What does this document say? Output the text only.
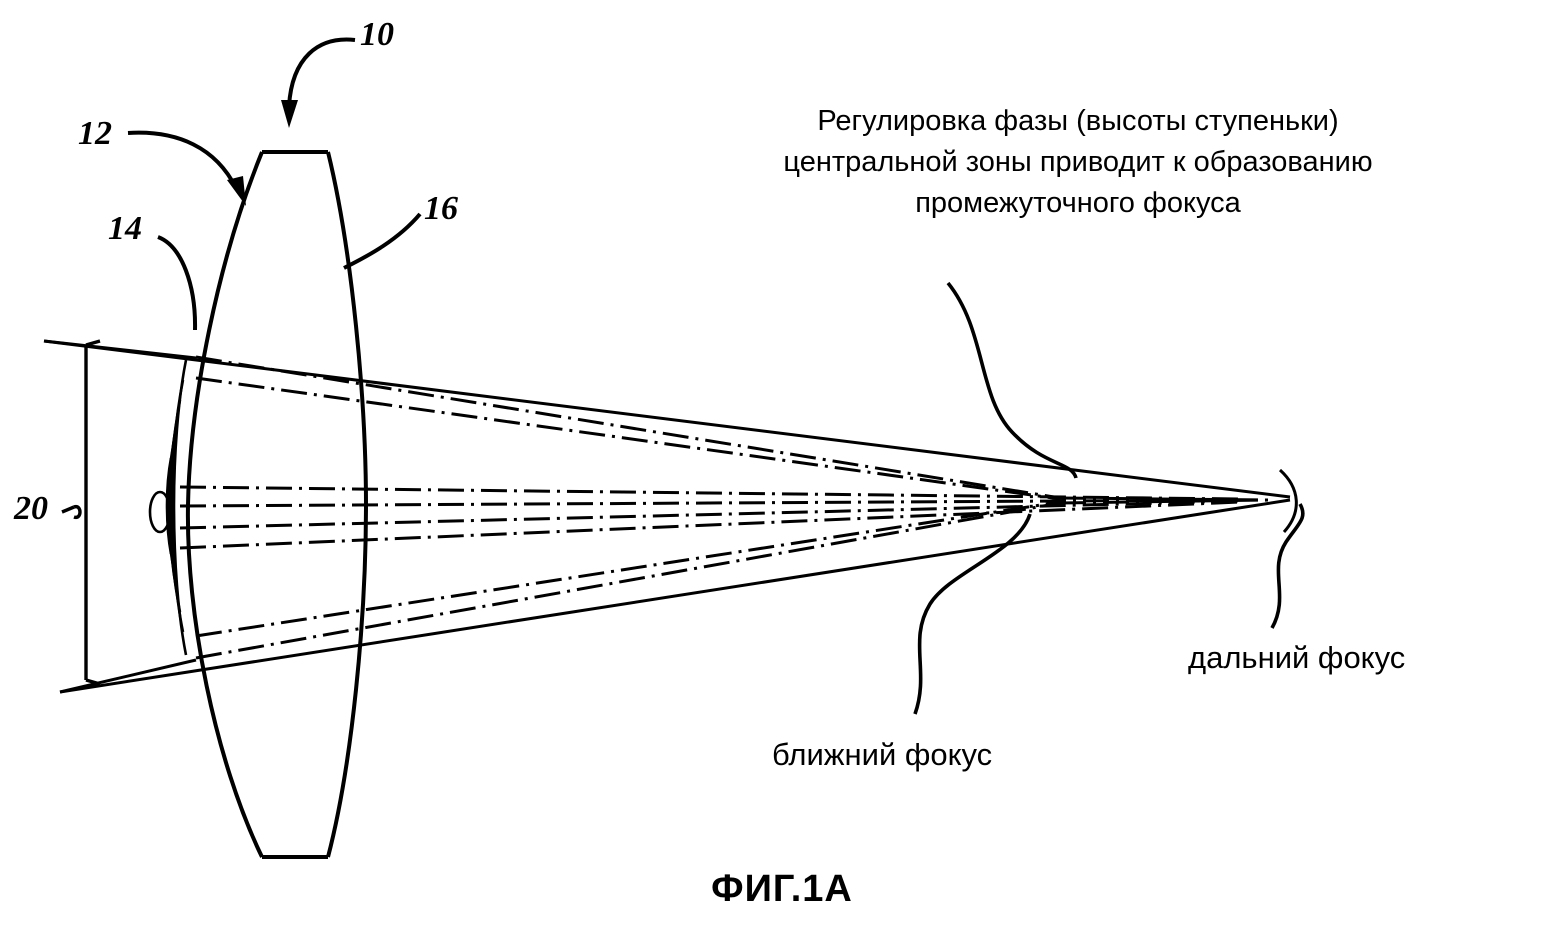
10
12
14
16
20
Регулировка фазы (высоты ступеньки)
центральной зоны приводит к образованию
промежуточного фокуса
ближний фокус
дальний фокус
ФИГ.1А
